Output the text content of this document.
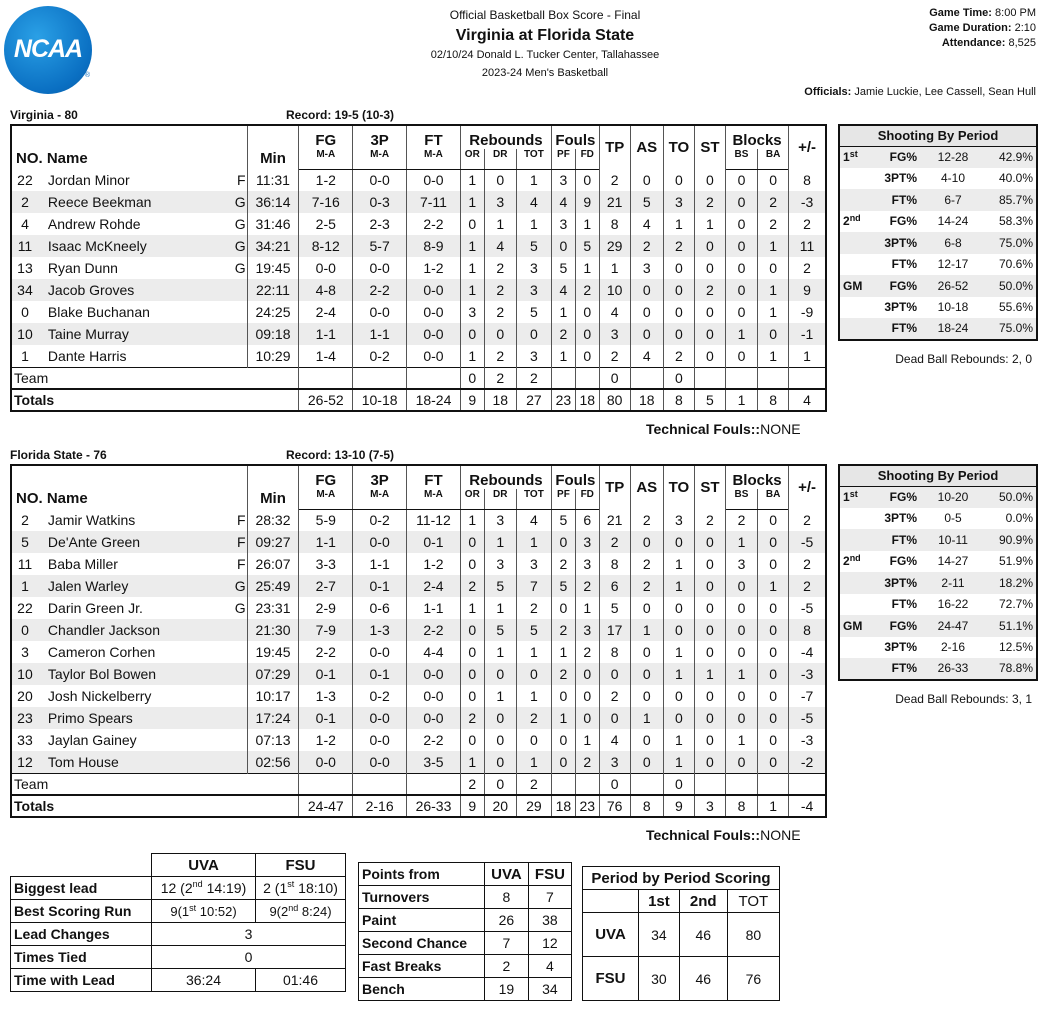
NCAA
®
Official Basketball Box Score - Final
Virginia at Florida State
02/10/24 Donald L. Tucker Center, Tallahassee
2023-24 Men's Basketball
Game Time: 8:00 PM
Game Duration: 2:10
Attendance: 8,525
Officials: Jamie Luckie, Lee Cassell, Sean Hull
Virginia - 80	Record: 19-5 (10-3)
NO. Name			Min	FG	3P	FT	Rebounds			Fouls		TP	AS	TO	ST	Blocks		+/-
				M-A	M-A	M-A	OR	DR	TOT	PF	FD					BS	BA	
22	Jordan Minor	F	11:31	1-2	0-0	0-0	1	0	1	3	0	2	0	0	0	0	0	8
2	Reece Beekman	G	36:14	7-16	0-3	7-11	1	3	4	4	9	21	5	3	2	0	2	-3
4	Andrew Rohde	G	31:46	2-5	2-3	2-2	0	1	1	3	1	8	4	1	1	0	2	2
11	Isaac McKneely	G	34:21	8-12	5-7	8-9	1	4	5	0	5	29	2	2	0	0	1	11
13	Ryan Dunn	G	19:45	0-0	0-0	1-2	1	2	3	5	1	1	3	0	0	0	0	2
34	Jacob Groves		22:11	4-8	2-2	0-0	1	2	3	4	2	10	0	0	2	0	1	9
0	Blake Buchanan		24:25	2-4	0-0	0-0	3	2	5	1	0	4	0	0	0	0	1	-9
10	Taine Murray		09:18	1-1	1-1	0-0	0	0	0	2	0	3	0	0	0	1	0	-1
1	Dante Harris		10:29	1-4	0-2	0-0	1	2	3	1	0	2	4	2	0	0	1	1
Team							0	2	2			0		0				
Totals				26-52	10-18	18-24	9	18	27	23	18	80	18	8	5	1	8	4
Shooting By Period			
1st	FG%	12-28	42.9%
	3PT%	4-10	40.0%
	FT%	6-7	85.7%
2nd	FG%	14-24	58.3%
	3PT%	6-8	75.0%
	FT%	12-17	70.6%
GM	FG%	26-52	50.0%
	3PT%	10-18	55.6%
	FT%	18-24	75.0%
Dead Ball Rebounds: 2, 0
Technical Fouls::NONE
Florida State - 76	Record: 13-10 (7-5)
NO. Name			Min	FG	3P	FT	Rebounds			Fouls		TP	AS	TO	ST	Blocks		+/-
				M-A	M-A	M-A	OR	DR	TOT	PF	FD					BS	BA	
2	Jamir Watkins	F	28:32	5-9	0-2	11-12	1	3	4	5	6	21	2	3	2	2	0	2
5	De'Ante Green	F	09:27	1-1	0-0	0-1	0	1	1	0	3	2	0	0	0	1	0	-5
11	Baba Miller	F	26:07	3-3	1-1	1-2	0	3	3	2	3	8	2	1	0	3	0	2
1	Jalen Warley	G	25:49	2-7	0-1	2-4	2	5	7	5	2	6	2	1	0	0	1	2
22	Darin Green Jr.	G	23:31	2-9	0-6	1-1	1	1	2	0	1	5	0	0	0	0	0	-5
0	Chandler Jackson		21:30	7-9	1-3	2-2	0	5	5	2	3	17	1	0	0	0	0	8
3	Cameron Corhen		19:45	2-2	0-0	4-4	0	1	1	1	2	8	0	1	0	0	0	-4
10	Taylor Bol Bowen		07:29	0-1	0-1	0-0	0	0	0	2	0	0	0	1	1	1	0	-3
20	Josh Nickelberry		10:17	1-3	0-2	0-0	0	1	1	0	0	2	0	0	0	0	0	-7
23	Primo Spears		17:24	0-1	0-0	0-0	2	0	2	1	0	0	1	0	0	0	0	-5
33	Jaylan Gainey		07:13	1-2	0-0	2-2	0	0	0	0	1	4	0	1	0	1	0	-3
12	Tom House		02:56	0-0	0-0	3-5	1	0	1	0	2	3	0	1	0	0	0	-2
Team							2	0	2			0		0				
Totals				24-47	2-16	26-33	9	20	29	18	23	76	8	9	3	8	1	-4
Shooting By Period			
1st	FG%	10-20	50.0%
	3PT%	0-5	0.0%
	FT%	10-11	90.9%
2nd	FG%	14-27	51.9%
	3PT%	2-11	18.2%
	FT%	16-22	72.7%
GM	FG%	24-47	51.1%
	3PT%	2-16	12.5%
	FT%	26-33	78.8%
Dead Ball Rebounds: 3, 1
Technical Fouls::NONE
	UVA	FSU
Biggest lead	12 (2nd 14:19)	2 (1st 18:10)
Best Scoring Run	9(1st 10:52)	9(2nd 8:24)
Lead Changes	3	
Times Tied	0	
Time with Lead	36:24	01:46
Points from	UVA	FSU
Turnovers	8	7
Paint	26	38
Second Chance	7	12
Fast Breaks	2	4
Bench	19	34
Period by Period Scoring			
	1st	2nd	TOT
UVA	34	46	80
FSU	30	46	76
